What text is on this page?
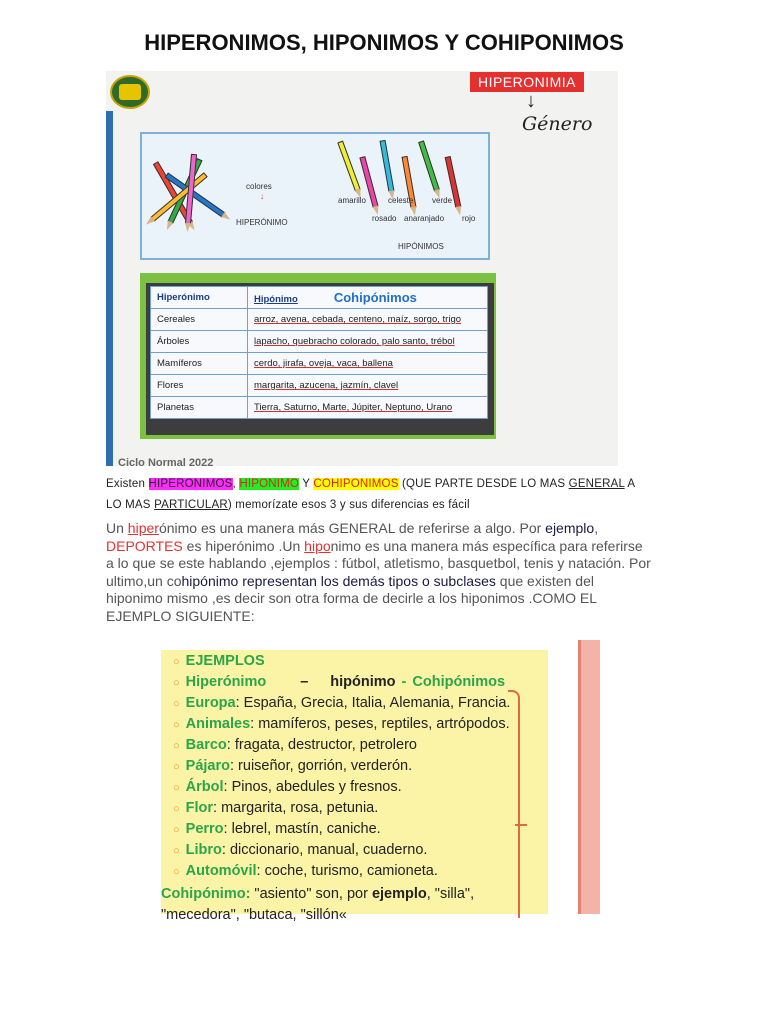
HIPERONIMOS, HIPONIMOS Y COHIPONIMOS
HIPERONIMIA
↓
Género
colores
↓
HIPERÓNIMO
amarillo
rosado
celeste
anaranjado
verde
rojo
HIPÓNIMOS
Hiperónimo	Hipónimo Cohipónimos
Cereales	arroz, avena, cebada, centeno, maíz, sorgo, trigo
Árboles	lapacho, quebracho colorado, palo santo, trébol
Mamíferos	cerdo, jirafa, oveja, vaca, ballena
Flores	margarita, azucena, jazmín, clavel
Planetas	Tierra, Saturno, Marte, Júpiter, Neptuno, Urano
Ciclo Normal 2022
Existen HIPERONIMOS, HIPONIMO Y COHIPONIMOS (QUE PARTE DESDE LO MAS GENERAL A LO MAS PARTICULAR) memorízate esos 3 y sus diferencias es fácil
Un hiperónimo es una manera más GENERAL de referirse a algo. Por ejemplo, DEPORTES es hiperónimo .Un hiponimo es una manera más específica para referirse a lo que se este hablando ,ejemplos : fútbol, atletismo, basquetbol, tenis y natación. Por ultimo,un cohipónimo representan los demás tipos o subclases que existen del hiponimo mismo ,es decir son otra forma de decirle a los hiponimos .COMO EL EJEMPLO SIGUIENTE:
○ EJEMPLOS
○ Hiperónimo – hipónimo - Cohipónimos
○ Europa: España, Grecia, Italia, Alemania, Francia.
○ Animales: mamíferos, peses, reptiles, artrópodos.
○ Barco: fragata, destructor, petrolero
○ Pájaro: ruiseñor, gorrión, verderón.
○ Árbol: Pinos, abedules y fresnos.
○ Flor: margarita, rosa, petunia.
○ Perro: lebrel, mastín, caniche.
○ Libro: diccionario, manual, cuaderno.
○ Automóvil: coche, turismo, camioneta.
Cohipónimo: "asiento" son, por ejemplo, "silla",
"mecedora", "butaca, "sillón«
